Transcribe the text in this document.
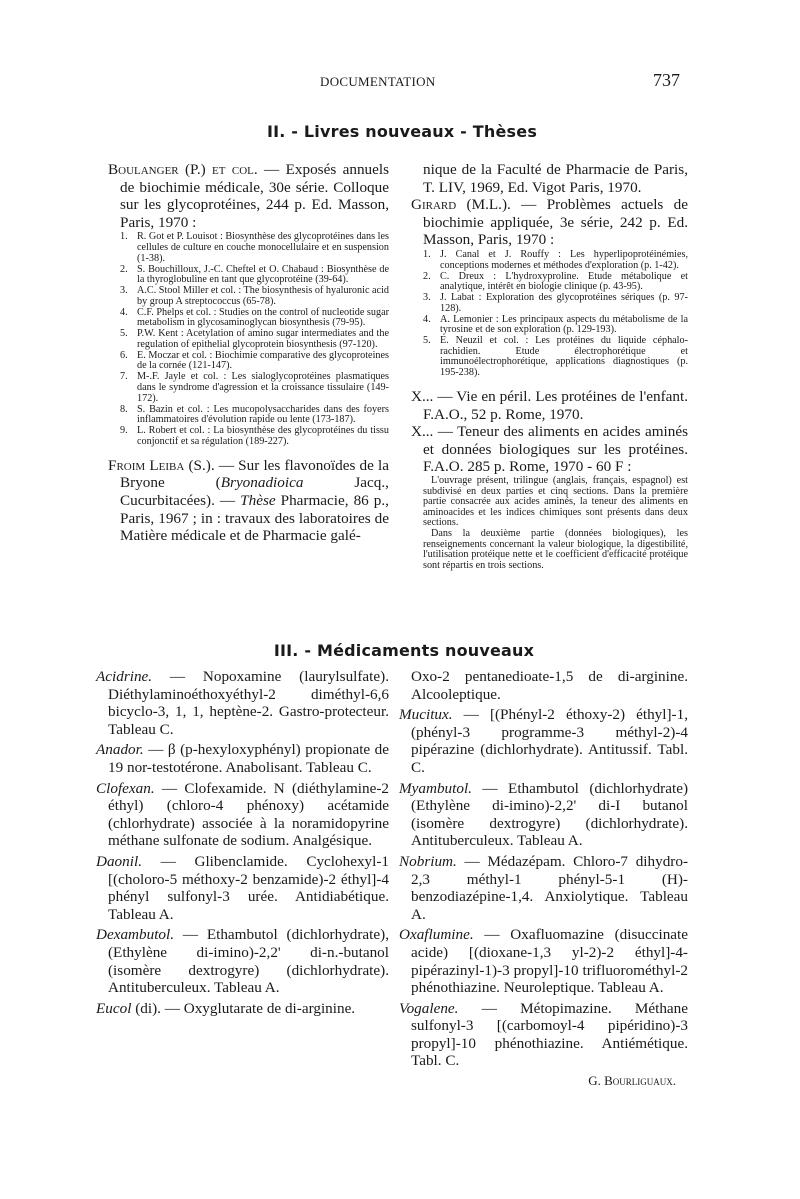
DOCUMENTATION	737
II. - Livres nouveaux - Thèses
Boulanger (P.) et col. — Exposés annuels de biochimie médicale, 30e série. Colloque sur les glycoprotéines, 244 p. Ed. Masson, Paris, 1970 :
1. R. Got et P. Louisot : Biosynthèse des glycoprotéines dans les cellules de culture en couche monocellulaire et en suspension (1-38).
2. S. Bouchilloux, J.-C. Cheftel et O. Chabaud : Biosynthèse de la thyroglobuline en tant que glycoprotéine (39-64).
3. A.C. Stool Miller et col. : The biosynthesis of hyaluronic acid by group A streptococcus (65-78).
4. C.F. Phelps et col. : Studies on the control of nucleotide sugar metabolism in glycosaminoglycan biosynthesis (79-95).
5. P.W. Kent : Acetylation of amino sugar intermediates and the regulation of epithelial glycoprotein biosynthesis (97-120).
6. E. Moczar et col. : Biochimie comparative des glycoproteines de la cornée (121-147).
7. M-.F. Jayle et col. : Les sialoglycoprotéines plasmatiques dans le syndrome d'agression et la croissance tissulaire (149-172).
8. S. Bazin et col. : Les mucopolysaccharides dans des foyers inflammatoires d'évolution rapide ou lente (173-187).
9. L. Robert et col. : La biosynthèse des glycoprotéines du tissu conjonctif et sa régulation (189-227).
Froim Leiba (S.). — Sur les flavonoïdes de la Bryone (Bryonadioica Jacq., Cucurbitacées). — Thèse Pharmacie, 86 p., Paris, 1967 ; in : travaux des laboratoires de Matière médicale et de Pharmacie galé-
nique de la Faculté de Pharmacie de Paris, T. LIV, 1969, Ed. Vigot Paris, 1970.
Girard (M.L.). — Problèmes actuels de biochimie appliquée, 3e série, 242 p. Ed. Masson, Paris, 1970 :
1. J. Canal et J. Rouffy : Les hyperlipoprotéinémies, conceptions modernes et méthodes d'exploration (p. 1-42).
2. C. Dreux : L'hydroxyproline. Etude métabolique et analytique, intérêt en biologie clinique (p. 43-95).
3. J. Labat : Exploration des glycoprotéines sériques (p. 97-128).
4. A. Lemonier : Les principaux aspects du métabolisme de la tyrosine et de son exploration (p. 129-193).
5. E. Neuzil et col. : Les protéines du liquide céphalo-rachidien. Etude électrophorétique et immunoélectrophorétique, applications diagnostiques (p. 195-238).
X... — Vie en péril. Les protéines de l'enfant. F.A.O., 52 p. Rome, 1970.
X... — Teneur des aliments en acides aminés et données biologiques sur les protéines. F.A.O. 285 p. Rome, 1970 - 60 F :

L'ouvrage présent, trilingue (anglais, français, espagnol) est subdivisé en deux parties et cinq sections. Dans la première partie consacrée aux acides aminés, la teneur des aliments en aminoacides et les indices chimiques sont présents dans deux sections.

Dans la deuxième partie (données biologiques), les renseignements concernant la valeur biologique, la digestibilité, l'utilisation protéique nette et le coefficient d'efficacité protéique sont répartis en trois sections.

III. - Médicaments nouveaux
Acidrine. — Nopoxamine (laurylsulfate). Diéthylaminoéthoxyéthyl-2 diméthyl-6,6 bicyclo-3, 1, 1, heptène-2. Gastro-protecteur. Tableau C.
Anador. — β (p-hexyloxyphényl) propionate de 19 nor-testotérone. Anabolisant. Tableau C.
Clofexan. — Clofexamide. N (diéthylamine-2 éthyl) (chloro-4 phénoxy) acétamide (chlorhydrate) associée à la noramidopyrine méthane sulfonate de sodium. Analgésique.
Daonil. — Glibenclamide. Cyclohexyl-1 [(choloro-5 méthoxy-2 benzamide)-2 éthyl]-4 phényl sulfonyl-3 urée. Antidiabétique. Tableau A.
Dexambutol. — Ethambutol (dichlorhydrate), (Ethylène di-imino)-2,2' di-n.-butanol (isomère dextrogyre) (dichlorhydrate). Antituberculeux. Tableau A.
Eucol (di). — Oxyglutarate de di-arginine.
Oxo-2 pentanedioate-1,5 de di-arginine. Alcooleptique.
Mucitux. — [(Phényl-2 éthoxy-2) éthyl]-1, (phényl-3 programme-3 méthyl-2)-4 pipérazine (dichlorhydrate). Antitussif. Tabl. C.
Myambutol. — Ethambutol (dichlorhydrate) (Ethylène di-imino)-2,2' di-I butanol (isomère dextrogyre) (dichlorhydrate). Antituberculeux. Tableau A.
Nobrium. — Médazépam. Chloro-7 dihydro-2,3 méthyl-1 phényl-5-1 (H)- benzodiazépine-1,4. Anxiolytique. Tableau A.
Oxaflumine. — Oxafluomazine (disuccinate acide) [(dioxane-1,3 yl-2)-2 éthyl]-4-pipérazinyl-1)-3 propyl]-10 trifluorométhyl-2 phénothiazine. Neuroleptique. Tableau A.
Vogalene. — Métopimazine. Méthane sulfonyl-3 [(carbomoyl-4 pipéridino)-3 propyl]-10 phénothiazine. Antiémétique. Tabl. C.
G. Bourliguaux.
